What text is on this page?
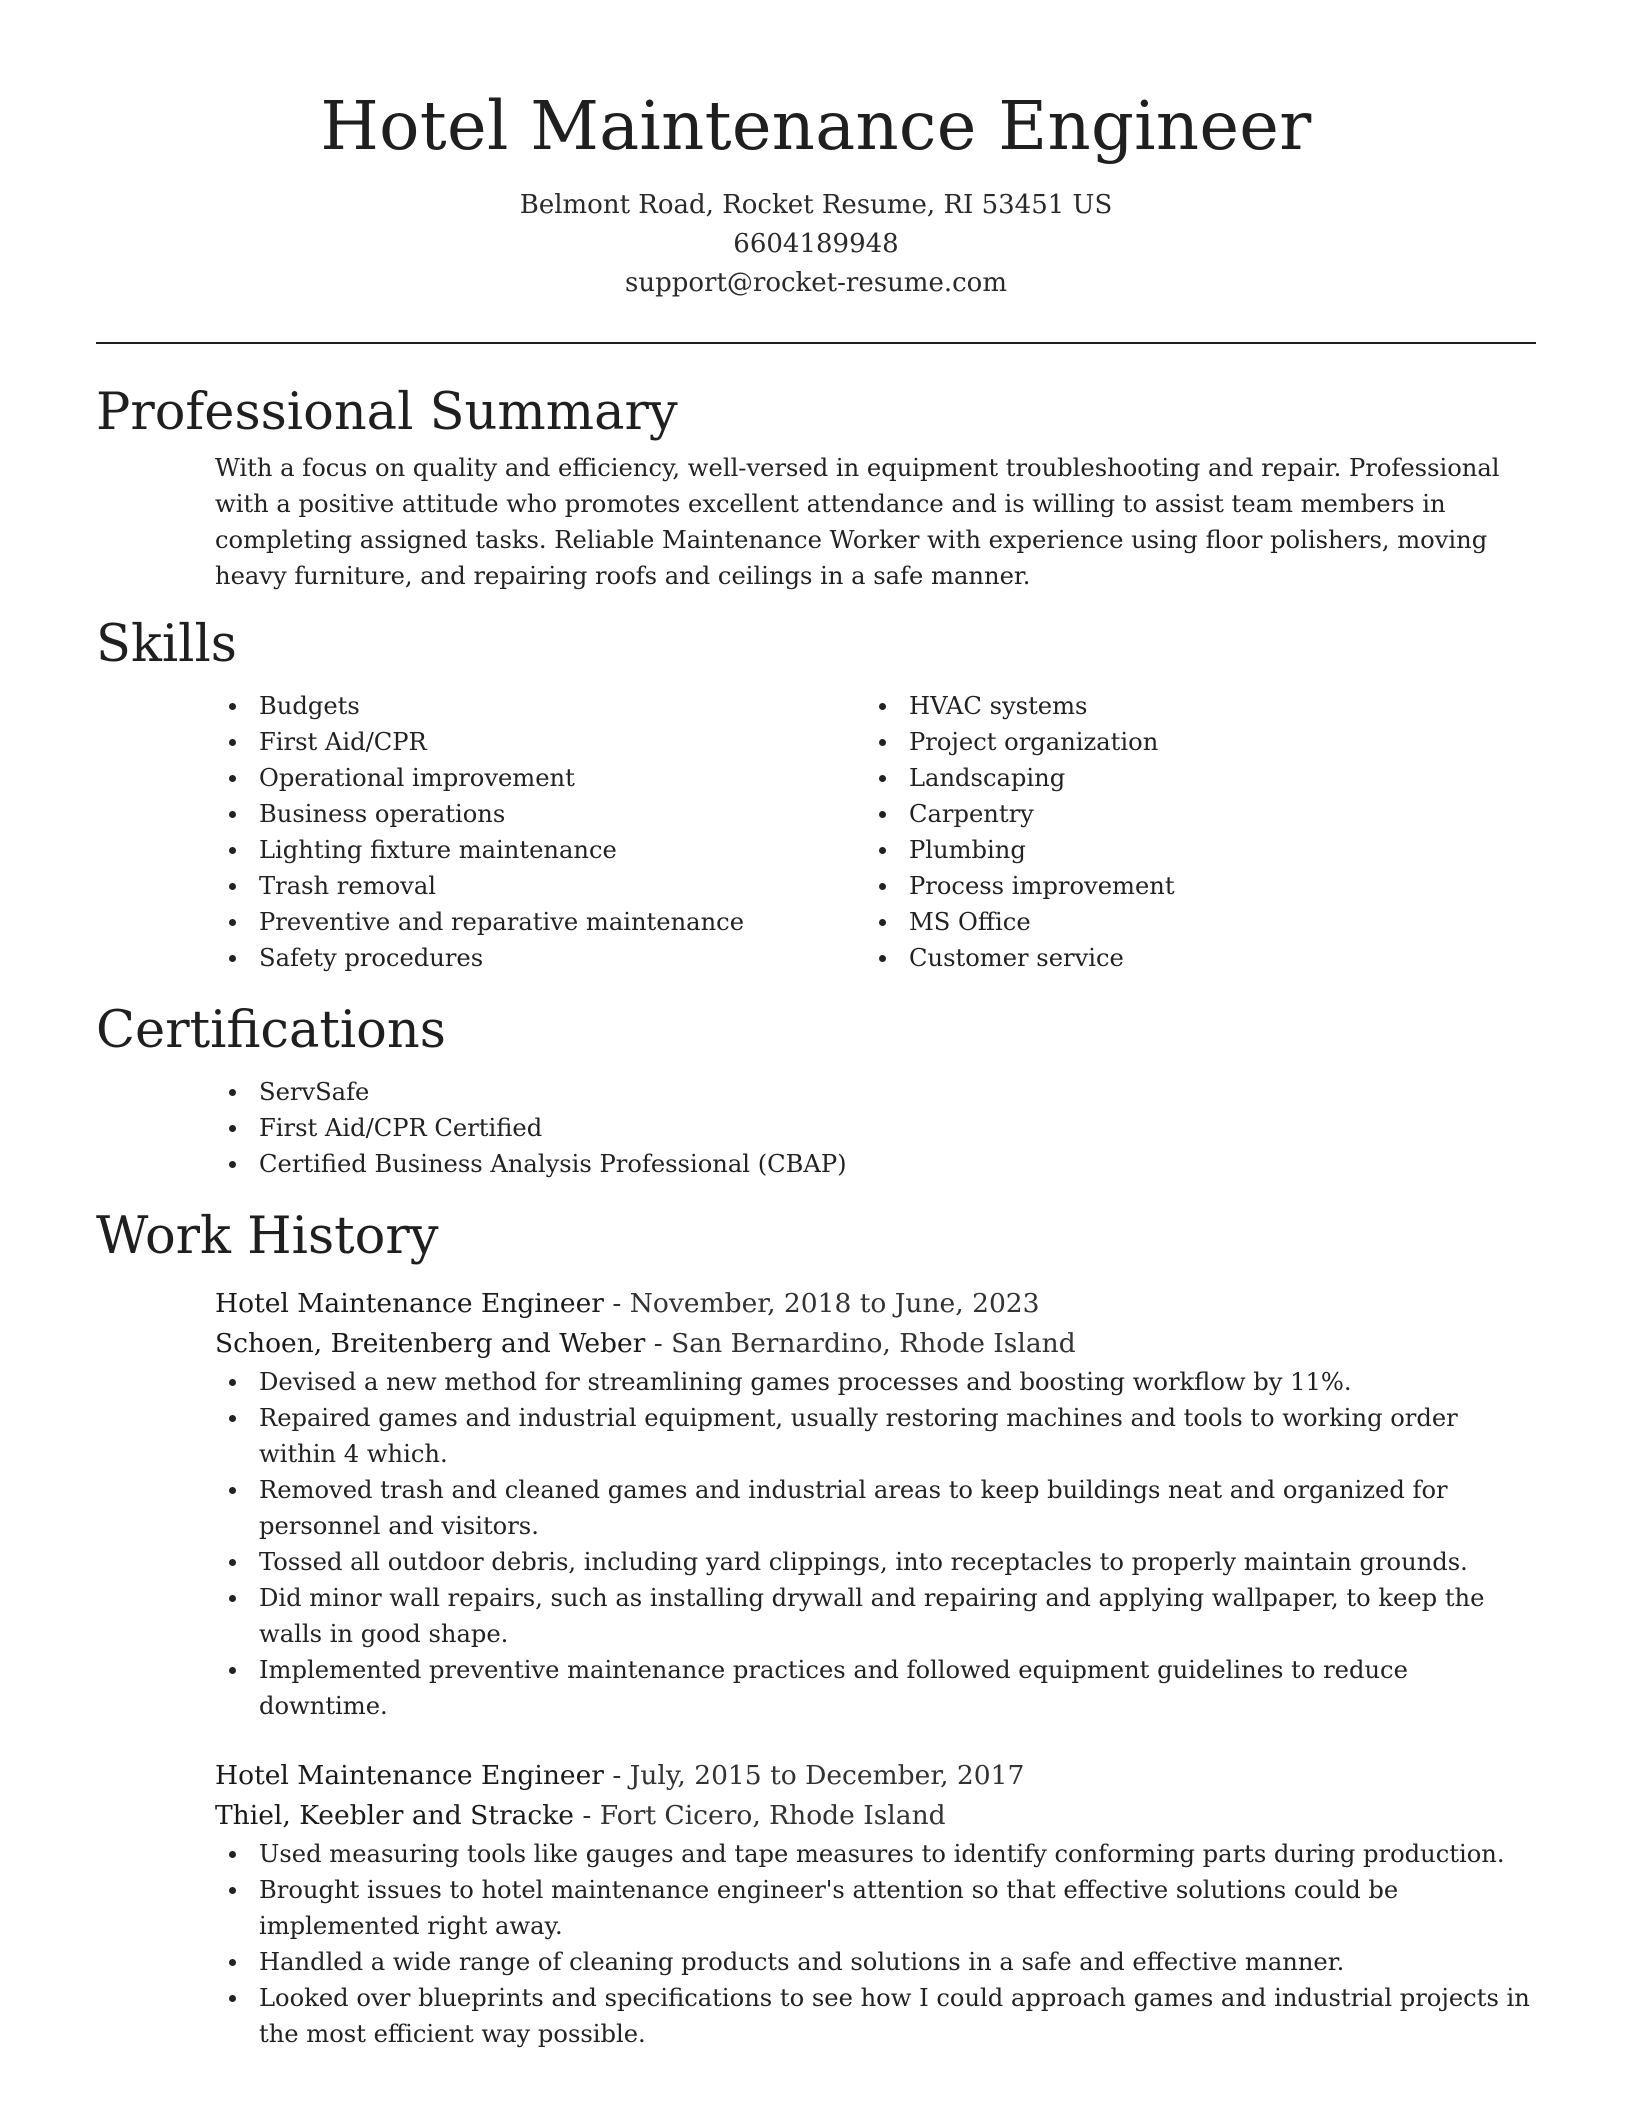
Hotel Maintenance Engineer
Belmont Road, Rocket Resume, RI 53451 US
6604189948
support@rocket-resume.com
Professional Summary
With a focus on quality and efficiency, well-versed in equipment troubleshooting and repair. Professional with a positive attitude who promotes excellent attendance and is willing to assist team members in completing assigned tasks. Reliable Maintenance Worker with experience using floor polishers, moving heavy furniture, and repairing roofs and ceilings in a safe manner.
Skills
Budgets
First Aid/CPR
Operational improvement
Business operations
Lighting fixture maintenance
Trash removal
Preventive and reparative maintenance
Safety procedures
HVAC systems
Project organization
Landscaping
Carpentry
Plumbing
Process improvement
MS Office
Customer service
Certifications
ServSafe
First Aid/CPR Certified
Certified Business Analysis Professional (CBAP)
Work History
Hotel Maintenance Engineer - November, 2018 to June, 2023
Schoen, Breitenberg and Weber - San Bernardino, Rhode Island
Devised a new method for streamlining games processes and boosting workflow by 11%.
Repaired games and industrial equipment, usually restoring machines and tools to working order within 4 which.
Removed trash and cleaned games and industrial areas to keep buildings neat and organized for personnel and visitors.
Tossed all outdoor debris, including yard clippings, into receptacles to properly maintain grounds.
Did minor wall repairs, such as installing drywall and repairing and applying wallpaper, to keep the walls in good shape.
Implemented preventive maintenance practices and followed equipment guidelines to reduce downtime.
Hotel Maintenance Engineer - July, 2015 to December, 2017
Thiel, Keebler and Stracke - Fort Cicero, Rhode Island
Used measuring tools like gauges and tape measures to identify conforming parts during production.
Brought issues to hotel maintenance engineer's attention so that effective solutions could be implemented right away.
Handled a wide range of cleaning products and solutions in a safe and effective manner.
Looked over blueprints and specifications to see how I could approach games and industrial projects in the most efficient way possible.
